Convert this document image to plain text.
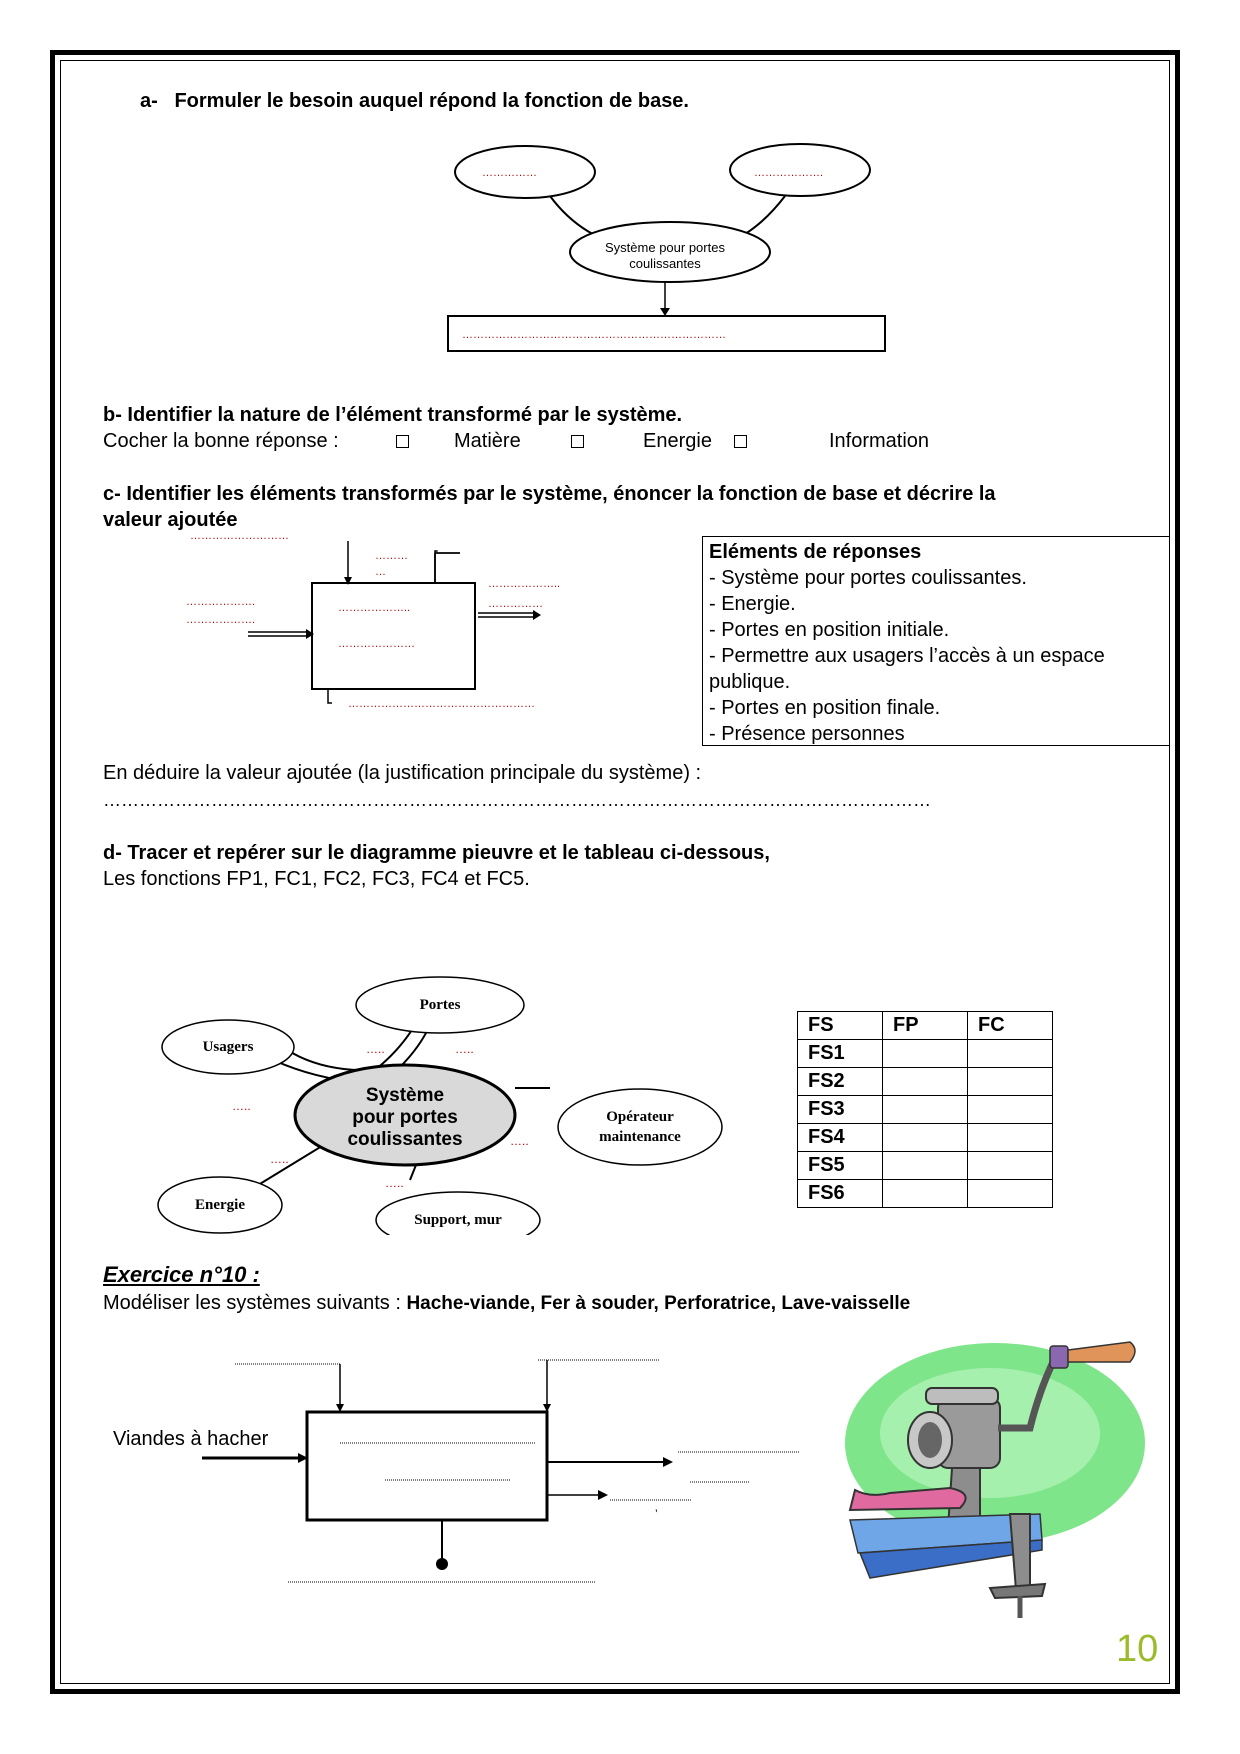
a- Formuler le besoin auquel répond la fonction de base.
……………	……………….
Système pour portes
coulissantes
………………………………………………………………
b- Identifier la nature de l’élément transformé par le système.
Cocher la bonne réponse :	Matière	Energie	Information
c- Identifier les éléments transformés par le système, énoncer la fonction de base et décrire la
valeur ajoutée
………………………
………
…
……………….
……………….
………………..
……………
………………..
…………………
……………………………………………
Eléments de réponses
- Système pour portes coulissantes.
- Energie.
- Portes en position initiale.
- Permettre aux usagers l’accès à un espace
publique.
- Portes en position finale.
- Présence personnes
En déduire la valeur ajoutée (la justification principale du système) :
…………………………………………………………………………………………………………………………
d- Tracer et repérer sur le diagramme pieuvre et le tableau ci-dessous,
Les fonctions FP1, FC1, FC2, FC3, FC4 et FC5.
Portes
Usagers
Opérateur
maintenance
Energie
Support, mur
Système
pour portes
coulissantes
…..	…..
…..
…..
…..
…..
FS	FP	FC
FS1		
FS2		
FS3		
FS4		
FS5		
FS6		
Exercice n°10 :
Modéliser les systèmes suivants : Hache-viande, Fer à souder, Perforatrice, Lave-vaisselle
’
Viandes à hacher
10
